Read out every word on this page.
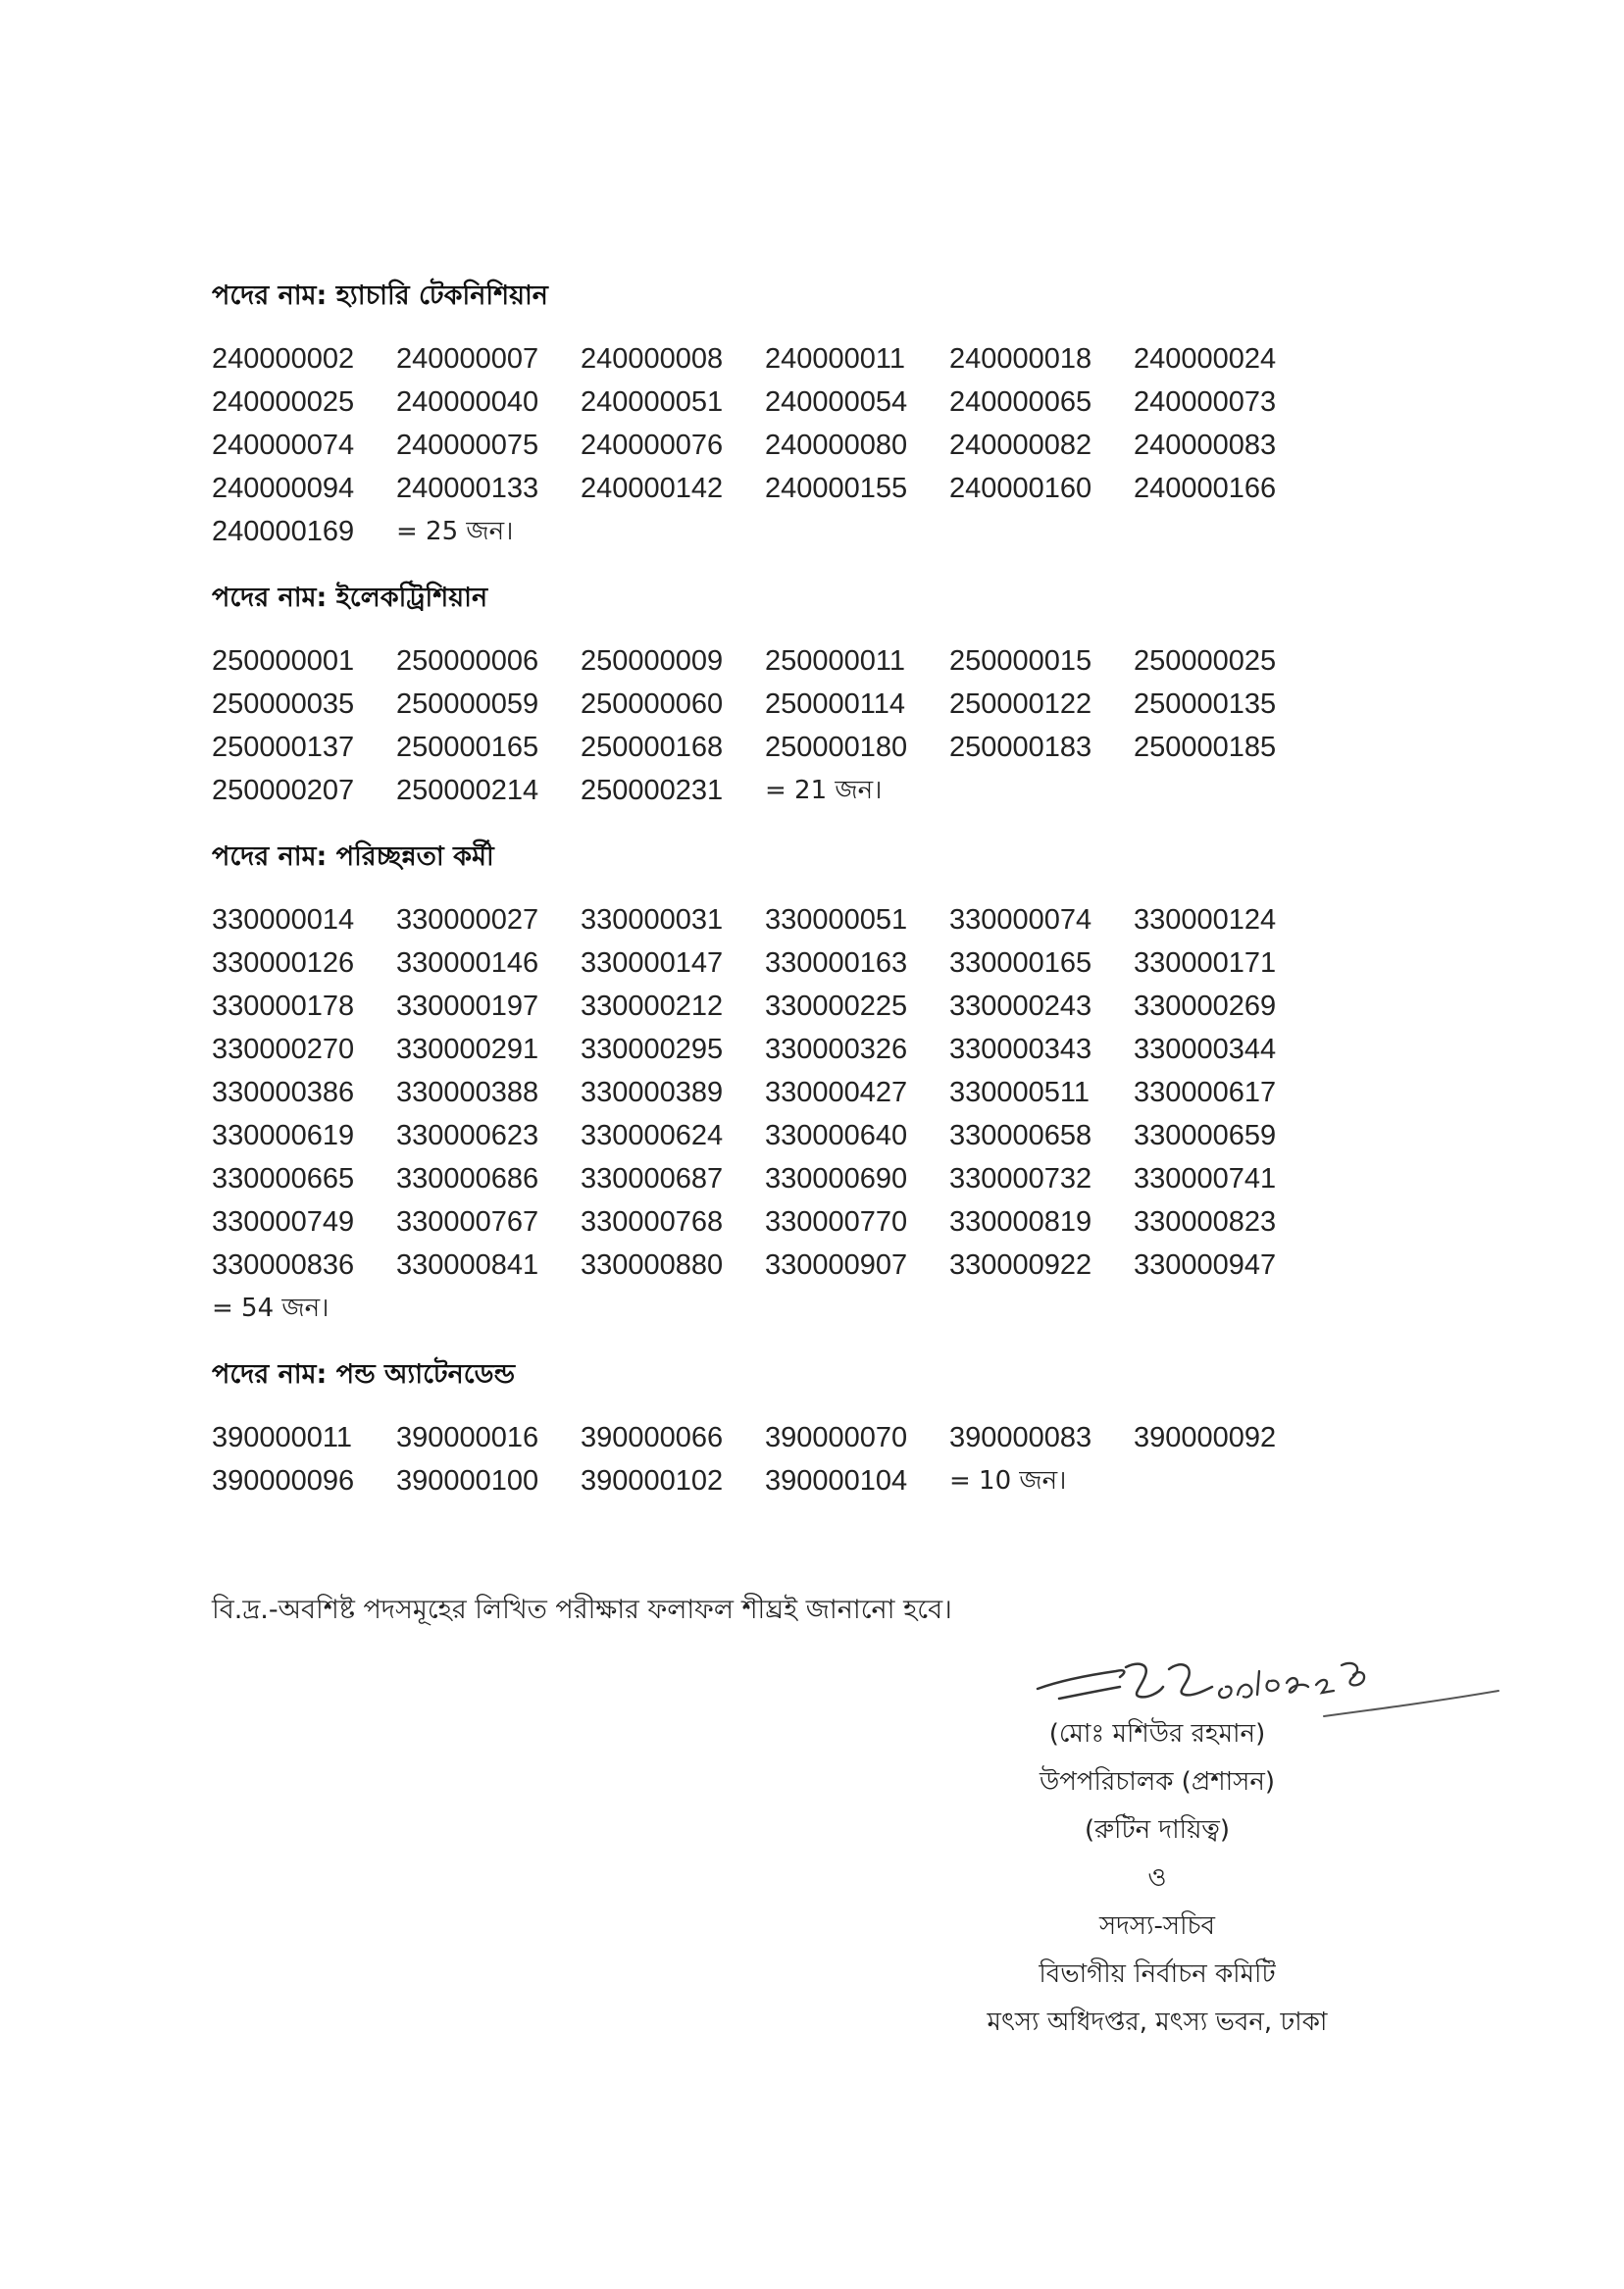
পদের নাম: হ্যাচারি টেকনিশিয়ান
240000002	240000007	240000008	240000011	240000018	240000024
240000025	240000040	240000051	240000054	240000065	240000073
240000074	240000075	240000076	240000080	240000082	240000083
240000094	240000133	240000142	240000155	240000160	240000166
240000169	= 25 জন।
পদের নাম: ইলেকট্রিশিয়ান
250000001	250000006	250000009	250000011	250000015	250000025
250000035	250000059	250000060	250000114	250000122	250000135
250000137	250000165	250000168	250000180	250000183	250000185
250000207	250000214	250000231	= 21 জন।
পদের নাম: পরিচ্ছন্নতা কর্মী
330000014	330000027	330000031	330000051	330000074	330000124
330000126	330000146	330000147	330000163	330000165	330000171
330000178	330000197	330000212	330000225	330000243	330000269
330000270	330000291	330000295	330000326	330000343	330000344
330000386	330000388	330000389	330000427	330000511	330000617
330000619	330000623	330000624	330000640	330000658	330000659
330000665	330000686	330000687	330000690	330000732	330000741
330000749	330000767	330000768	330000770	330000819	330000823
330000836	330000841	330000880	330000907	330000922	330000947
= 54 জন।
পদের নাম: পন্ড অ্যাটেনডেন্ড
390000011	390000016	390000066	390000070	390000083	390000092
390000096	390000100	390000102	390000104	= 10 জন।
বি.দ্র.-অবশিষ্ট পদসমূহের লিখিত পরীক্ষার ফলাফল শীঘ্রই জানানো হবে।
(মোঃ মশিউর রহমান)
উপপরিচালক (প্রশাসন)
(রুটিন দায়িত্ব)
ও
সদস্য-সচিব
বিভাগীয় নির্বাচন কমিটি
মৎস্য অধিদপ্তর, মৎস্য ভবন, ঢাকা
